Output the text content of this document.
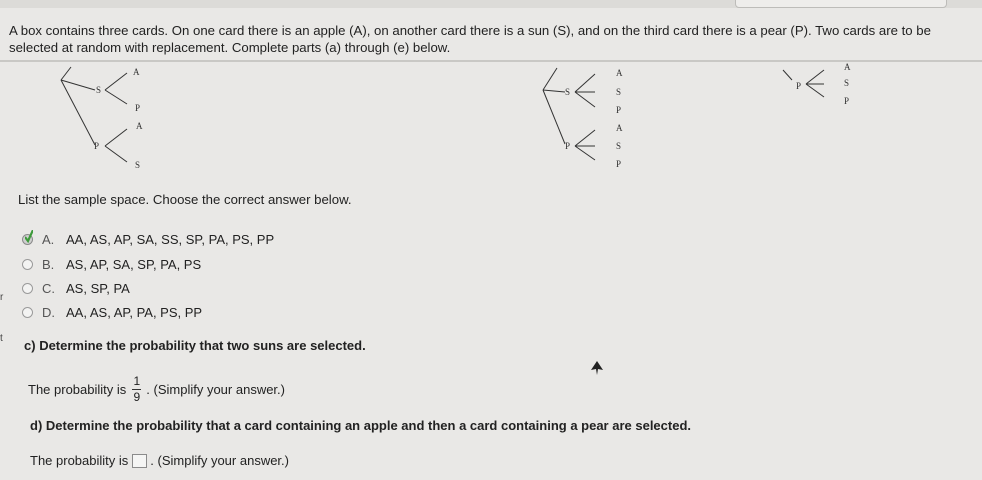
A box contains three cards. On one card there is an apple (A), on another card there is a sun (S), and on the third card there is a pear (P). Two cards are to be selected at random with replacement. Complete parts (a) through (e) below.
S
A
P
P
A
S
S
A
S
P
P
A
S
P
P
A
S
P
List the sample space. Choose the correct answer below.
A. AA, AS, AP, SA, SS, SP, PA, PS, PP
B. AS, AP, SA, SP, PA, PS
C. AS, SP, PA
D. AA, AS, AP, PA, PS, PP
c) Determine the probability that two suns are selected.
The probability is $\frac{1}{9}$ . (Simplify your answer.)
d) Determine the probability that a card containing an apple and then a card containing a pear are selected.
The probability is . (Simplify your answer.)
r
t
